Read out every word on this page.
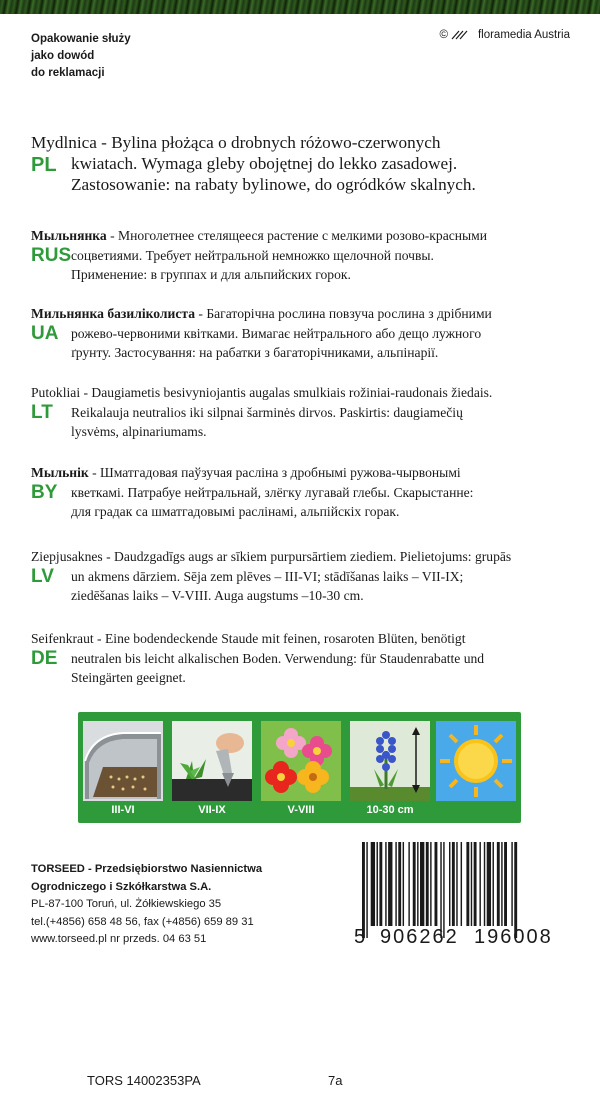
Opakowanie służy
jako dowód
do reklamacji
©	floramedia Austria
PL
Mydlnica - Bylina płożąca o drobnych różowo-czerwonych
kwiatach. Wymaga gleby obojętnej do lekko zasadowej.
Zastosowanie: na rabaty bylinowe, do ogródków skalnych.
RUS
Мыльнянка - Многолетнее стелящееся растение с мелкими розово-красными
соцветиями. Требует нейтральной немножко щелочной почвы.
Применение: в группах и для альпийских горок.
UA
Мильнянка базиліколиста - Багаторічна рослина повзуча рослина з дрібними
рожево-червоними квітками. Вимагає нейтрального або дещо лужного
ґрунту. Застосування: на рабатки з багаторічниками, альпінарії.
LT
Putokliai - Daugiametis besivyniojantis augalas smulkiais rožiniai-raudonais žiedais.
Reikalauja neutralios iki silpnai šarminės dirvos. Paskirtis: daugiamečių
lysvėms, alpinariumams.
BY
Мыльнік - Шматгадовая паўзучая расліна з дробнымі ружова-чырвонымі
кветкамі. Патрабуе нейтральнай, злёгку лугавай глебы. Скарыстанне:
для градак са шматгадовымі раслінамі, альпійскіх горак.
LV
Ziepjusaknes - Daudzgadīgs augs ar sīkiem purpursārtiem ziediem. Pielietojums: grupās
un akmens dārziem. Sēja zem plēves – III-VI; stādīšanas laiks – VII-IX;
ziedēšanas laiks – V-VIII. Auga augstums –10-30 cm.
DE
Seifenkraut - Eine bodendeckende Staude mit feinen, rosaroten Blüten, benötigt
neutralen bis leicht alkalischen Boden. Verwendung: für Staudenrabatte und
Steingärten geeignet.
III-VI	VII-IX	V-VIII	10-30 cm
TORSEED - Przedsiębiorstwo Nasiennictwa
Ogrodniczego i Szkółkarstwa S.A.
PL-87-100 Toruń, ul. Żółkiewskiego 35
tel.(+4856) 658 48 56, fax (+4856) 659 89 31
www.torseed.pl nr przeds. 04 63 51	5 906262 196008
TORS 14002353PA	7a
